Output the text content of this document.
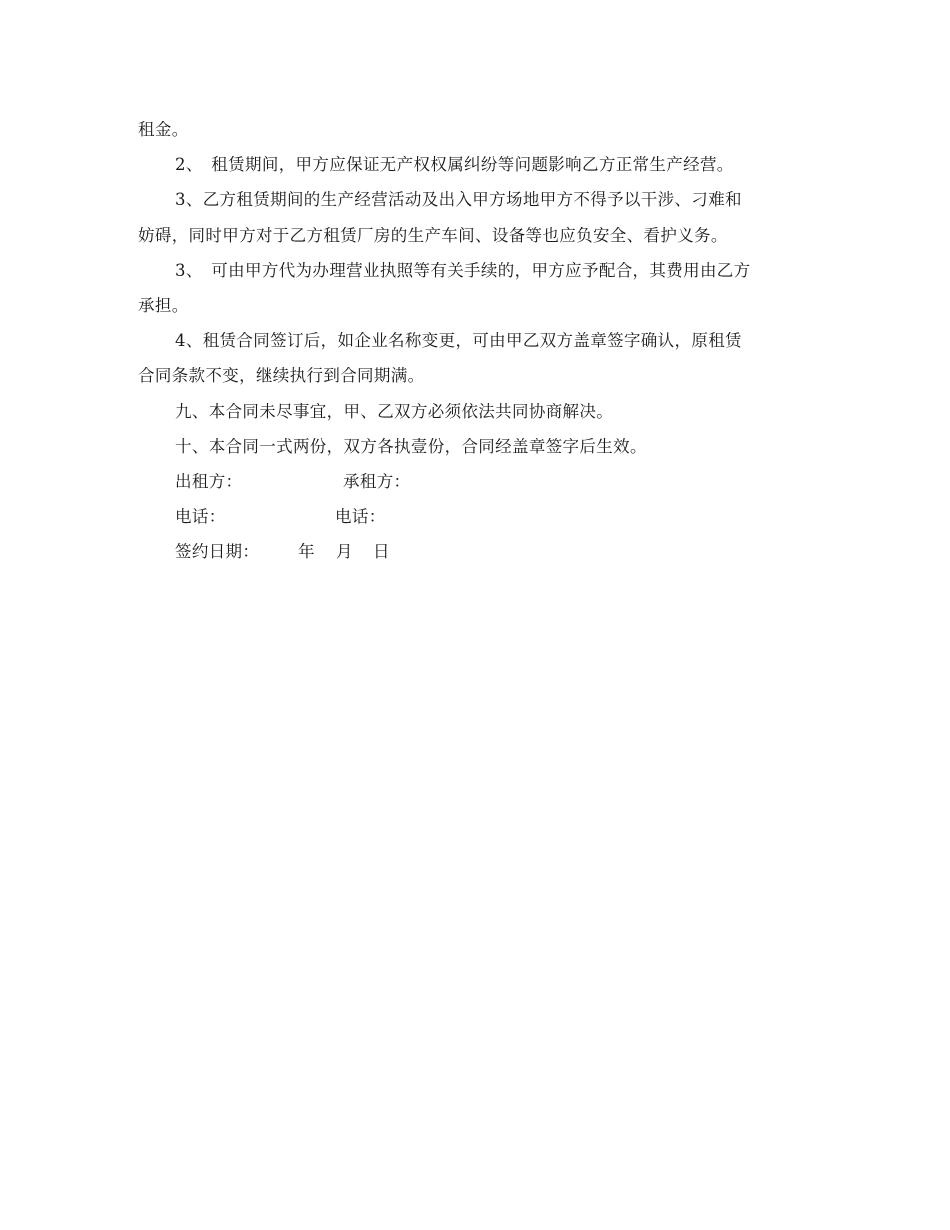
租金。
2、　租赁期间，甲方应保证无产权权属纠纷等问题影响乙方正常生产经营。
3、乙方租赁期间的生产经营活动及出入甲方场地甲方不得予以干涉、刁难和
妨碍，同时甲方对于乙方租赁厂房的生产车间、设备等也应负安全、看护义务。
3、　可由甲方代为办理营业执照等有关手续的，甲方应予配合，其费用由乙方
承担。
4、租赁合同签订后，如企业名称变更，可由甲乙双方盖章签字确认，原租赁
合同条款不变，继续执行到合同期满。
九、本合同未尽事宜，甲、乙双方必须依法共同协商解决。
十、本合同一式两份，双方各执壹份，合同经盖章签字后生效。
出租方：	承租方：
电话：	电话：
签约日期： 年 月 日
